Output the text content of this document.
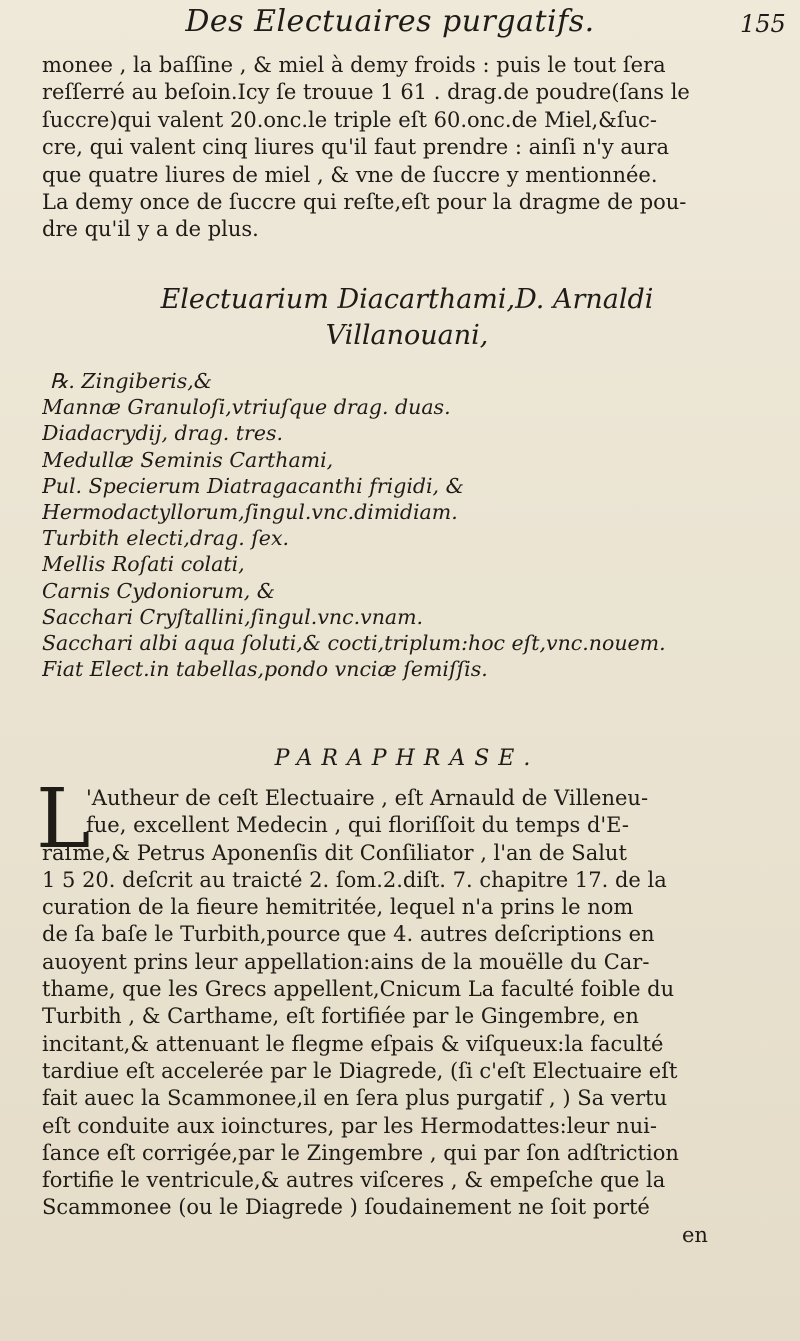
Des Electuaires purgatifs.	155
monee , la baſſine , & miel à demy froids : puis le tout ſera
reſſerré au beſoin.Icy ſe trouue 1 61 . drag.de poudre(ſans le
ſuccre)qui valent 20.onc.le triple eſt 60.onc.de Miel,&ſuc-
cre, qui valent cinq liures qu'il faut prendre : ainſi n'y aura
que quatre liures de miel , & vne de ſuccre y mentionnée.
La demy once de ſuccre qui reſte,eſt pour la dragme de pou-
dre qu'il y a de plus.
Electuarium Diacarthami,D. Arnaldi
Villanouani,
℞. Zingiberis,&
Mannæ Granuloſi,vtriuſque drag. duas.
Diadacrydij, drag. tres.
Medullæ Seminis Carthami,
Pul. Specierum Diatragacanthi frigidi, &
Hermodactyllorum,ſingul.vnc.dimidiam.
Turbith electi,drag. ſex.
Mellis Roſati colati,
Carnis Cydoniorum, &
Sacchari Cryſtallini,ſingul.vnc.vnam.
Sacchari albi aqua ſoluti,& cocti,triplum:hoc eſt,vnc.nouem.
Fiat Elect.in tabellas,pondo vnciæ ſemiſſis.
PARAPHRASE.
L
'Autheur de ceſt Electuaire , eſt Arnauld de Villeneu-
fue, excellent Medecin , qui floriſſoit du temps d'E-
raſme,& Petrus Aponenſis dit Conſiliator , l'an de Salut
1 5 20. deſcrit au traicté 2. ſom.2.diſt. 7. chapitre 17. de la
curation de la fieure hemitritée, lequel n'a prins le nom
de ſa baſe le Turbith,pource que 4. autres deſcriptions en
auoyent prins leur appellation:ains de la mouëlle du Car-
thame, que les Grecs appellent,Cnicum La faculté foible du
Turbith , & Carthame, eſt fortifiée par le Gingembre, en
incitant,& attenuant le flegme eſpais & viſqueux:la faculté
tardiue eſt accelerée par le Diagrede, (ſi c'eſt Electuaire eſt
fait auec la Scammonee,il en ſera plus purgatif , ) Sa vertu
eſt conduite aux ioinctures, par les Hermodattes:leur nui-
ſance eſt corrigée,par le Zingembre , qui par ſon adſtriction
fortifie le ventricule,& autres viſceres , & empeſche que la
Scammonee (ou le Diagrede ) ſoudainement ne ſoit porté
en
